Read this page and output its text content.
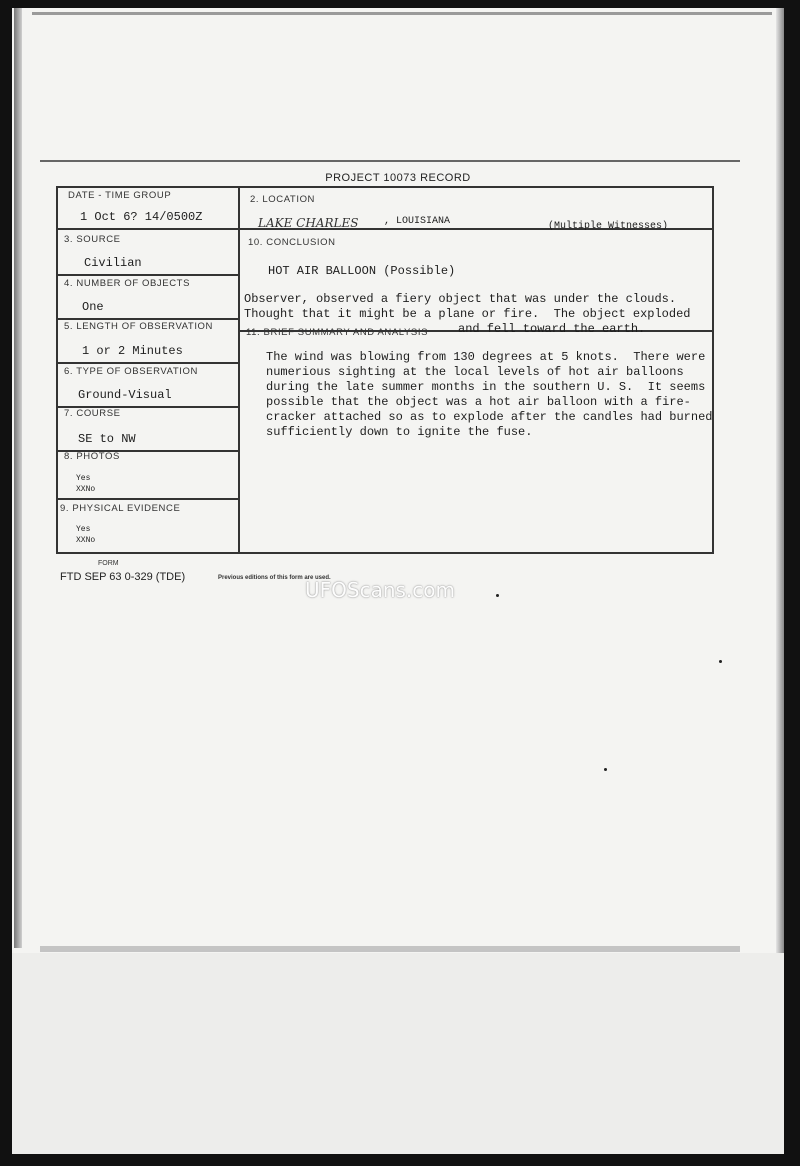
PROJECT 10073 RECORD
DATE - TIME GROUP
1 Oct 6? 14/0500Z
2. LOCATION
LAKE CHARLES	, LOUISIANA	(Multiple Witnesses)
3. SOURCE
Civilian
10. CONCLUSION
HOT AIR BALLOON (Possible)
4. NUMBER OF OBJECTS
One
Observer, observed a fiery object that was under the clouds.
Thought that it might be a plane or fire.  The object exploded
and fell toward the earth.
5. LENGTH OF OBSERVATION
1 or 2 Minutes
11. BRIEF SUMMARY AND ANALYSIS
The wind was blowing from 130 degrees at 5 knots.  There were
numerious sighting at the local levels of hot air balloons
during the late summer months in the southern U. S.  It seems
possible that the object was a hot air balloon with a fire-
cracker attached so as to explode after the candles had burned
sufficiently down to ignite the fuse.
6. TYPE OF OBSERVATION
Ground-Visual
7. COURSE
SE to NW
8. PHOTOS
Yes
XXNo
9. PHYSICAL EVIDENCE
Yes
XXNo
FORM
FTD SEP 63 0-329 (TDE)	Previous editions of this form are used.
UFOScans.com
